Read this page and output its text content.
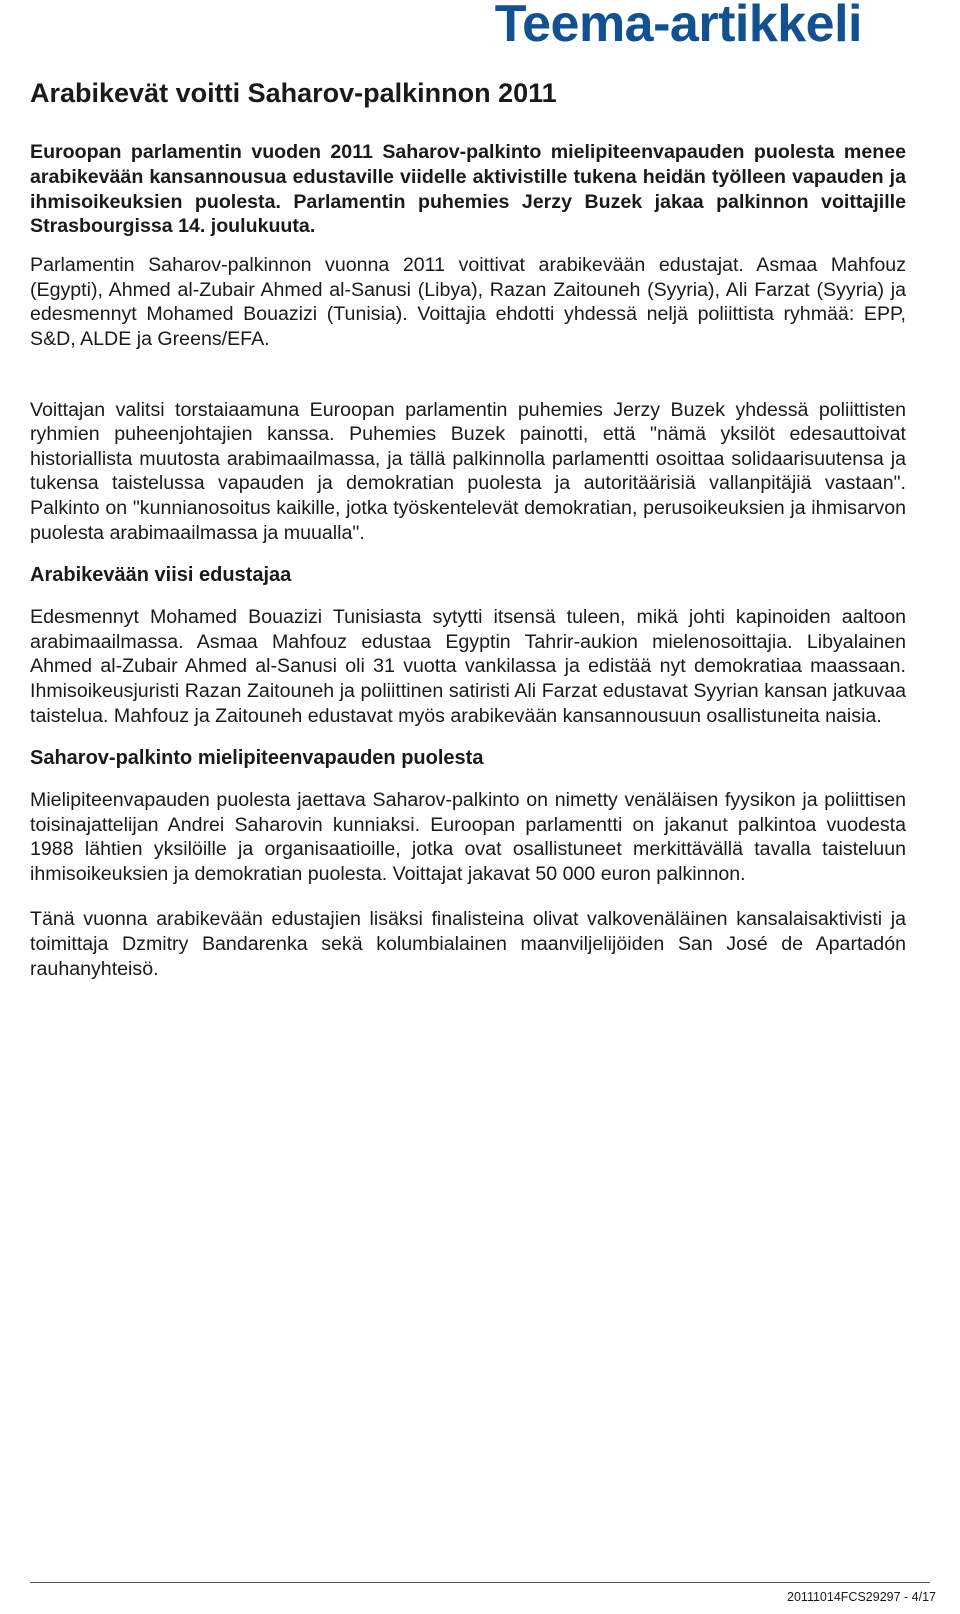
Teema-artikkeli
Arabikevät voitti Saharov-palkinnon 2011

Euroopan parlamentin vuoden 2011 Saharov-palkinto mielipiteenvapauden puolesta menee arabikevään kansannousua edustaville viidelle aktivistille tukena heidän työlleen vapauden ja ihmisoikeuksien puolesta. Parlamentin puhemies Jerzy Buzek jakaa palkinnon voittajille Strasbourgissa 14. joulukuuta.

Parlamentin Saharov-palkinnon vuonna 2011 voittivat arabikevään edustajat. Asmaa Mahfouz (Egypti), Ahmed al-Zubair Ahmed al-Sanusi (Libya), Razan Zaitouneh (Syyria), Ali Farzat (Syyria) ja edesmennyt Mohamed Bouazizi (Tunisia). Voittajia ehdotti yhdessä neljä poliittista ryhmää: EPP, S&D, ALDE ja Greens/EFA.

Voittajan valitsi torstaiaamuna Euroopan parlamentin puhemies Jerzy Buzek yhdessä poliittisten ryhmien puheenjohtajien kanssa. Puhemies Buzek painotti, että "nämä yksilöt edesauttoivat historiallista muutosta arabimaailmassa, ja tällä palkinnolla parlamentti osoittaa solidaarisuutensa ja tukensa taistelussa vapauden ja demokratian puolesta ja autoritäärisiä vallanpitäjiä vastaan". Palkinto on "kunnianosoitus kaikille, jotka työskentelevät demokratian, perusoikeuksien ja ihmisarvon puolesta arabimaailmassa ja muualla".

Arabikevään viisi edustajaa

Edesmennyt Mohamed Bouazizi Tunisiasta sytytti itsensä tuleen, mikä johti kapinoiden aaltoon arabimaailmassa. Asmaa Mahfouz edustaa Egyptin Tahrir-aukion mielenosoittajia. Libyalainen Ahmed al-Zubair Ahmed al-Sanusi oli 31 vuotta vankilassa ja edistää nyt demokratiaa maassaan. Ihmisoikeusjuristi Razan Zaitouneh ja poliittinen satiristi Ali Farzat edustavat Syyrian kansan jatkuvaa taistelua. Mahfouz ja Zaitouneh edustavat myös arabikevään kansannousuun osallistuneita naisia.

Saharov-palkinto mielipiteenvapauden puolesta

Mielipiteenvapauden puolesta jaettava Saharov-palkinto on nimetty venäläisen fyysikon ja poliittisen toisinajattelijan Andrei Saharovin kunniaksi. Euroopan parlamentti on jakanut palkintoa vuodesta 1988 lähtien yksilöille ja organisaatioille, jotka ovat osallistuneet merkittävällä tavalla taisteluun ihmisoikeuksien ja demokratian puolesta. Voittajat jakavat 50 000 euron palkinnon.

Tänä vuonna arabikevään edustajien lisäksi finalisteina olivat valkovenäläinen kansalaisaktivisti ja toimittaja Dzmitry Bandarenka sekä kolumbialainen maanviljelijöiden San José de Apartadón rauhanyhteisö.

20111014FCS29297 - 4/17
